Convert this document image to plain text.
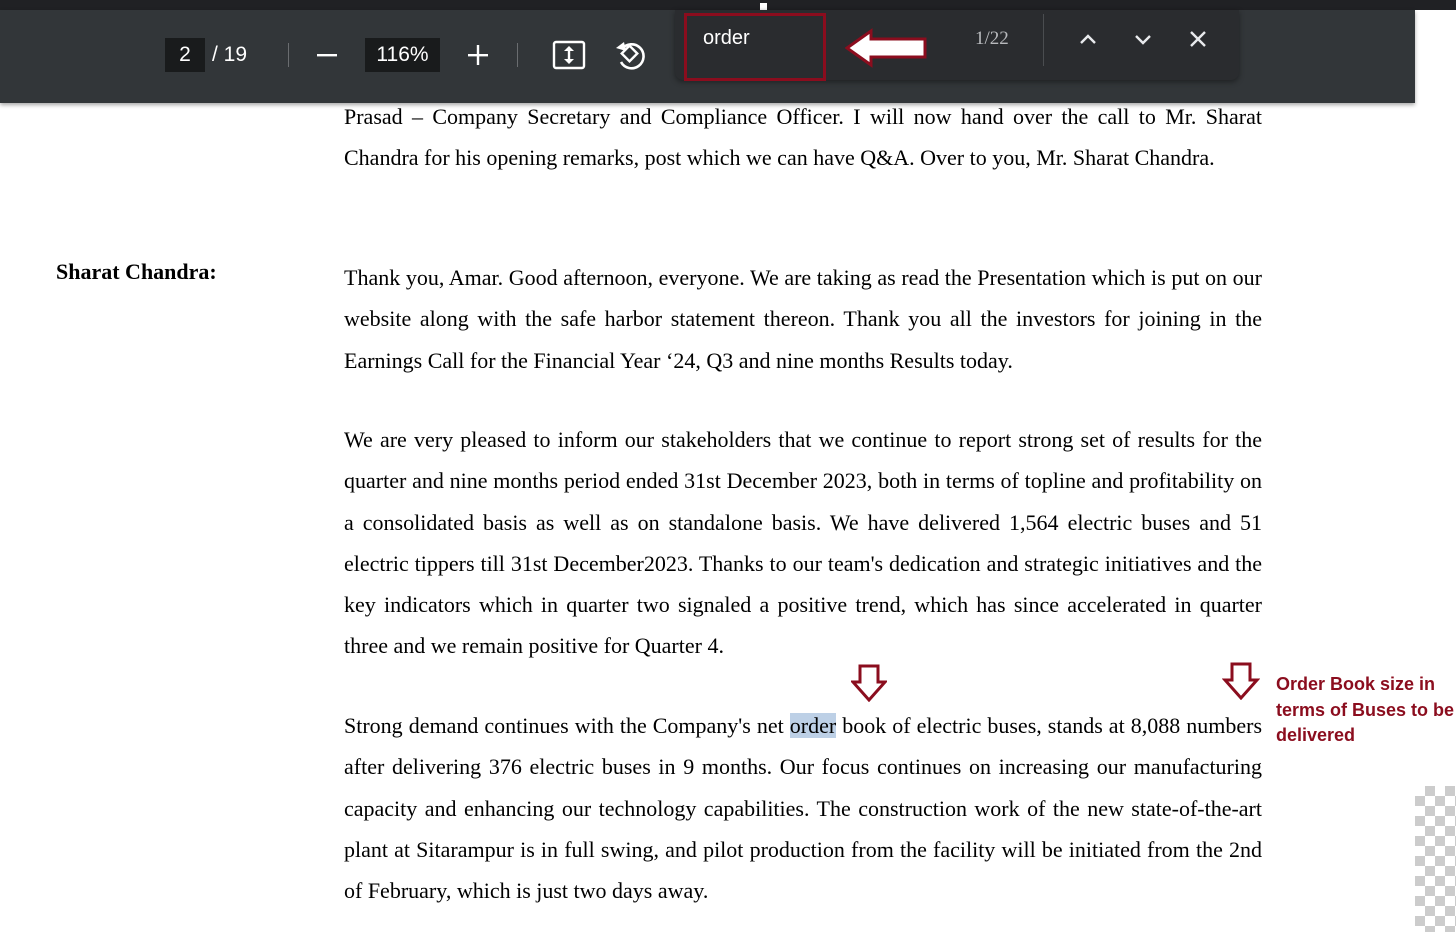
2
/ 19
116%
order
1/22

Prasad – Company Secretary and Compliance Officer. I will now hand over the call to Mr. Sharat Chandra for his opening remarks, post which we can have Q&A. Over to you, Mr. Sharat Chandra.

Sharat Chandra:	Thank you, Amar. Good afternoon, everyone. We are taking as read the Presentation which is put on our website along with the safe harbor statement thereon. Thank you all the investors for joining in the Earnings Call for the Financial Year ‘24, Q3 and nine months Results today.

We are very pleased to inform our stakeholders that we continue to report strong set of results for the quarter and nine months period ended 31st December 2023, both in terms of topline and profitability on a consolidated basis as well as on standalone basis. We have delivered 1,564 electric buses and 51 electric tippers till 31st December2023. Thanks to our team's dedication and strategic initiatives and the key indicators which in quarter two signaled a positive trend, which has since accelerated in quarter three and we remain positive for Quarter 4.

Strong demand continues with the Company's net order book of electric buses, stands at 8,088 numbers after delivering 376 electric buses in 9 months. Our focus continues on increasing our manufacturing capacity and enhancing our technology capabilities. The construction work of the new state-of-the-art plant at Sitarampur is in full swing, and pilot production from the facility will be initiated from the 2nd of February, which is just two days away.

Order Book size in terms of Buses to be delivered
